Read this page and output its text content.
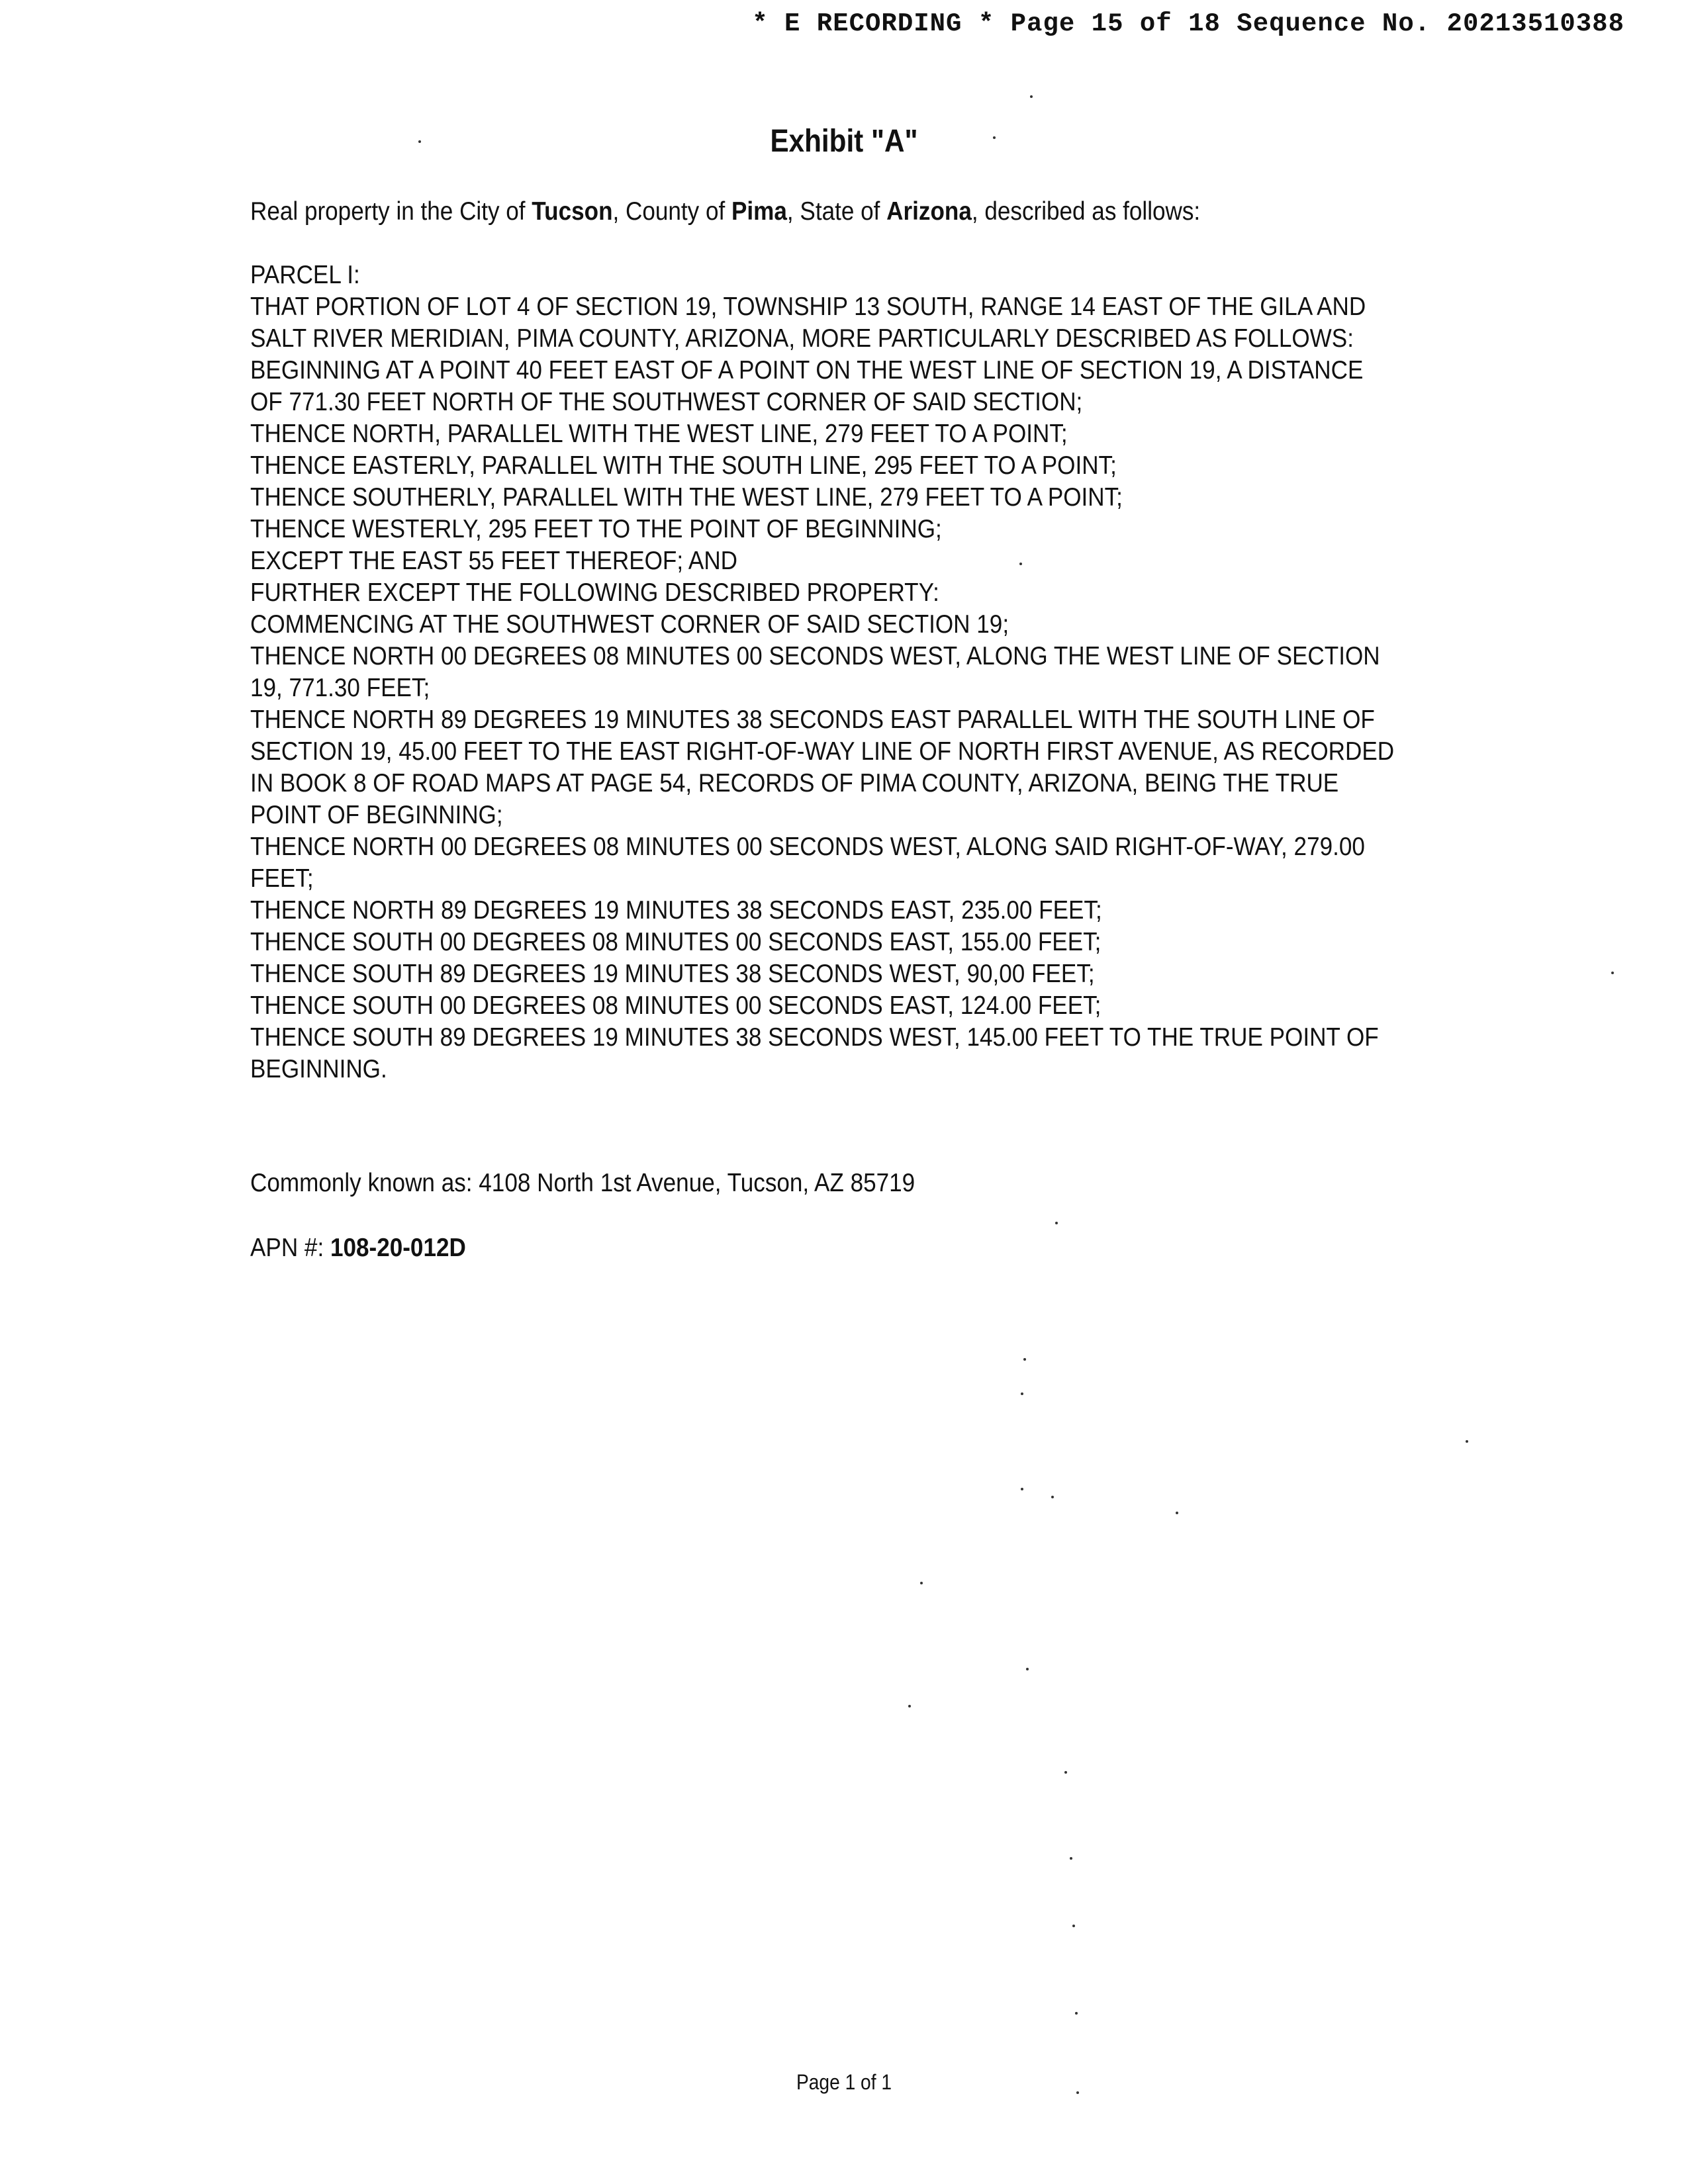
* E RECORDING * Page 15 of 18 Sequence No. 20213510388
Exhibit "A"

Real property in the City of Tucson, County of Pima, State of Arizona, described as follows:

PARCEL I:
THAT PORTION OF LOT 4 OF SECTION 19, TOWNSHIP 13 SOUTH, RANGE 14 EAST OF THE GILA AND
SALT RIVER MERIDIAN, PIMA COUNTY, ARIZONA, MORE PARTICULARLY DESCRIBED AS FOLLOWS:
BEGINNING AT A POINT 40 FEET EAST OF A POINT ON THE WEST LINE OF SECTION 19, A DISTANCE
OF 771.30 FEET NORTH OF THE SOUTHWEST CORNER OF SAID SECTION;
THENCE NORTH, PARALLEL WITH THE WEST LINE, 279 FEET TO A POINT;
THENCE EASTERLY, PARALLEL WITH THE SOUTH LINE, 295 FEET TO A POINT;
THENCE SOUTHERLY, PARALLEL WITH THE WEST LINE, 279 FEET TO A POINT;
THENCE WESTERLY, 295 FEET TO THE POINT OF BEGINNING;
EXCEPT THE EAST 55 FEET THEREOF; AND
FURTHER EXCEPT THE FOLLOWING DESCRIBED PROPERTY:
COMMENCING AT THE SOUTHWEST CORNER OF SAID SECTION 19;
THENCE NORTH 00 DEGREES 08 MINUTES 00 SECONDS WEST, ALONG THE WEST LINE OF SECTION
19, 771.30 FEET;
THENCE NORTH 89 DEGREES 19 MINUTES 38 SECONDS EAST PARALLEL WITH THE SOUTH LINE OF
SECTION 19, 45.00 FEET TO THE EAST RIGHT-OF-WAY LINE OF NORTH FIRST AVENUE, AS RECORDED
IN BOOK 8 OF ROAD MAPS AT PAGE 54, RECORDS OF PIMA COUNTY, ARIZONA, BEING THE TRUE
POINT OF BEGINNING;
THENCE NORTH 00 DEGREES 08 MINUTES 00 SECONDS WEST, ALONG SAID RIGHT-OF-WAY, 279.00
FEET;
THENCE NORTH 89 DEGREES 19 MINUTES 38 SECONDS EAST, 235.00 FEET;
THENCE SOUTH 00 DEGREES 08 MINUTES 00 SECONDS EAST, 155.00 FEET;
THENCE SOUTH 89 DEGREES 19 MINUTES 38 SECONDS WEST, 90,00 FEET;
THENCE SOUTH 00 DEGREES 08 MINUTES 00 SECONDS EAST, 124.00 FEET;
THENCE SOUTH 89 DEGREES 19 MINUTES 38 SECONDS WEST, 145.00 FEET TO THE TRUE POINT OF
BEGINNING.
Commonly known as: 4108 North 1st Avenue, Tucson, AZ 85719
APN #: 108-20-012D
Page 1 of 1
